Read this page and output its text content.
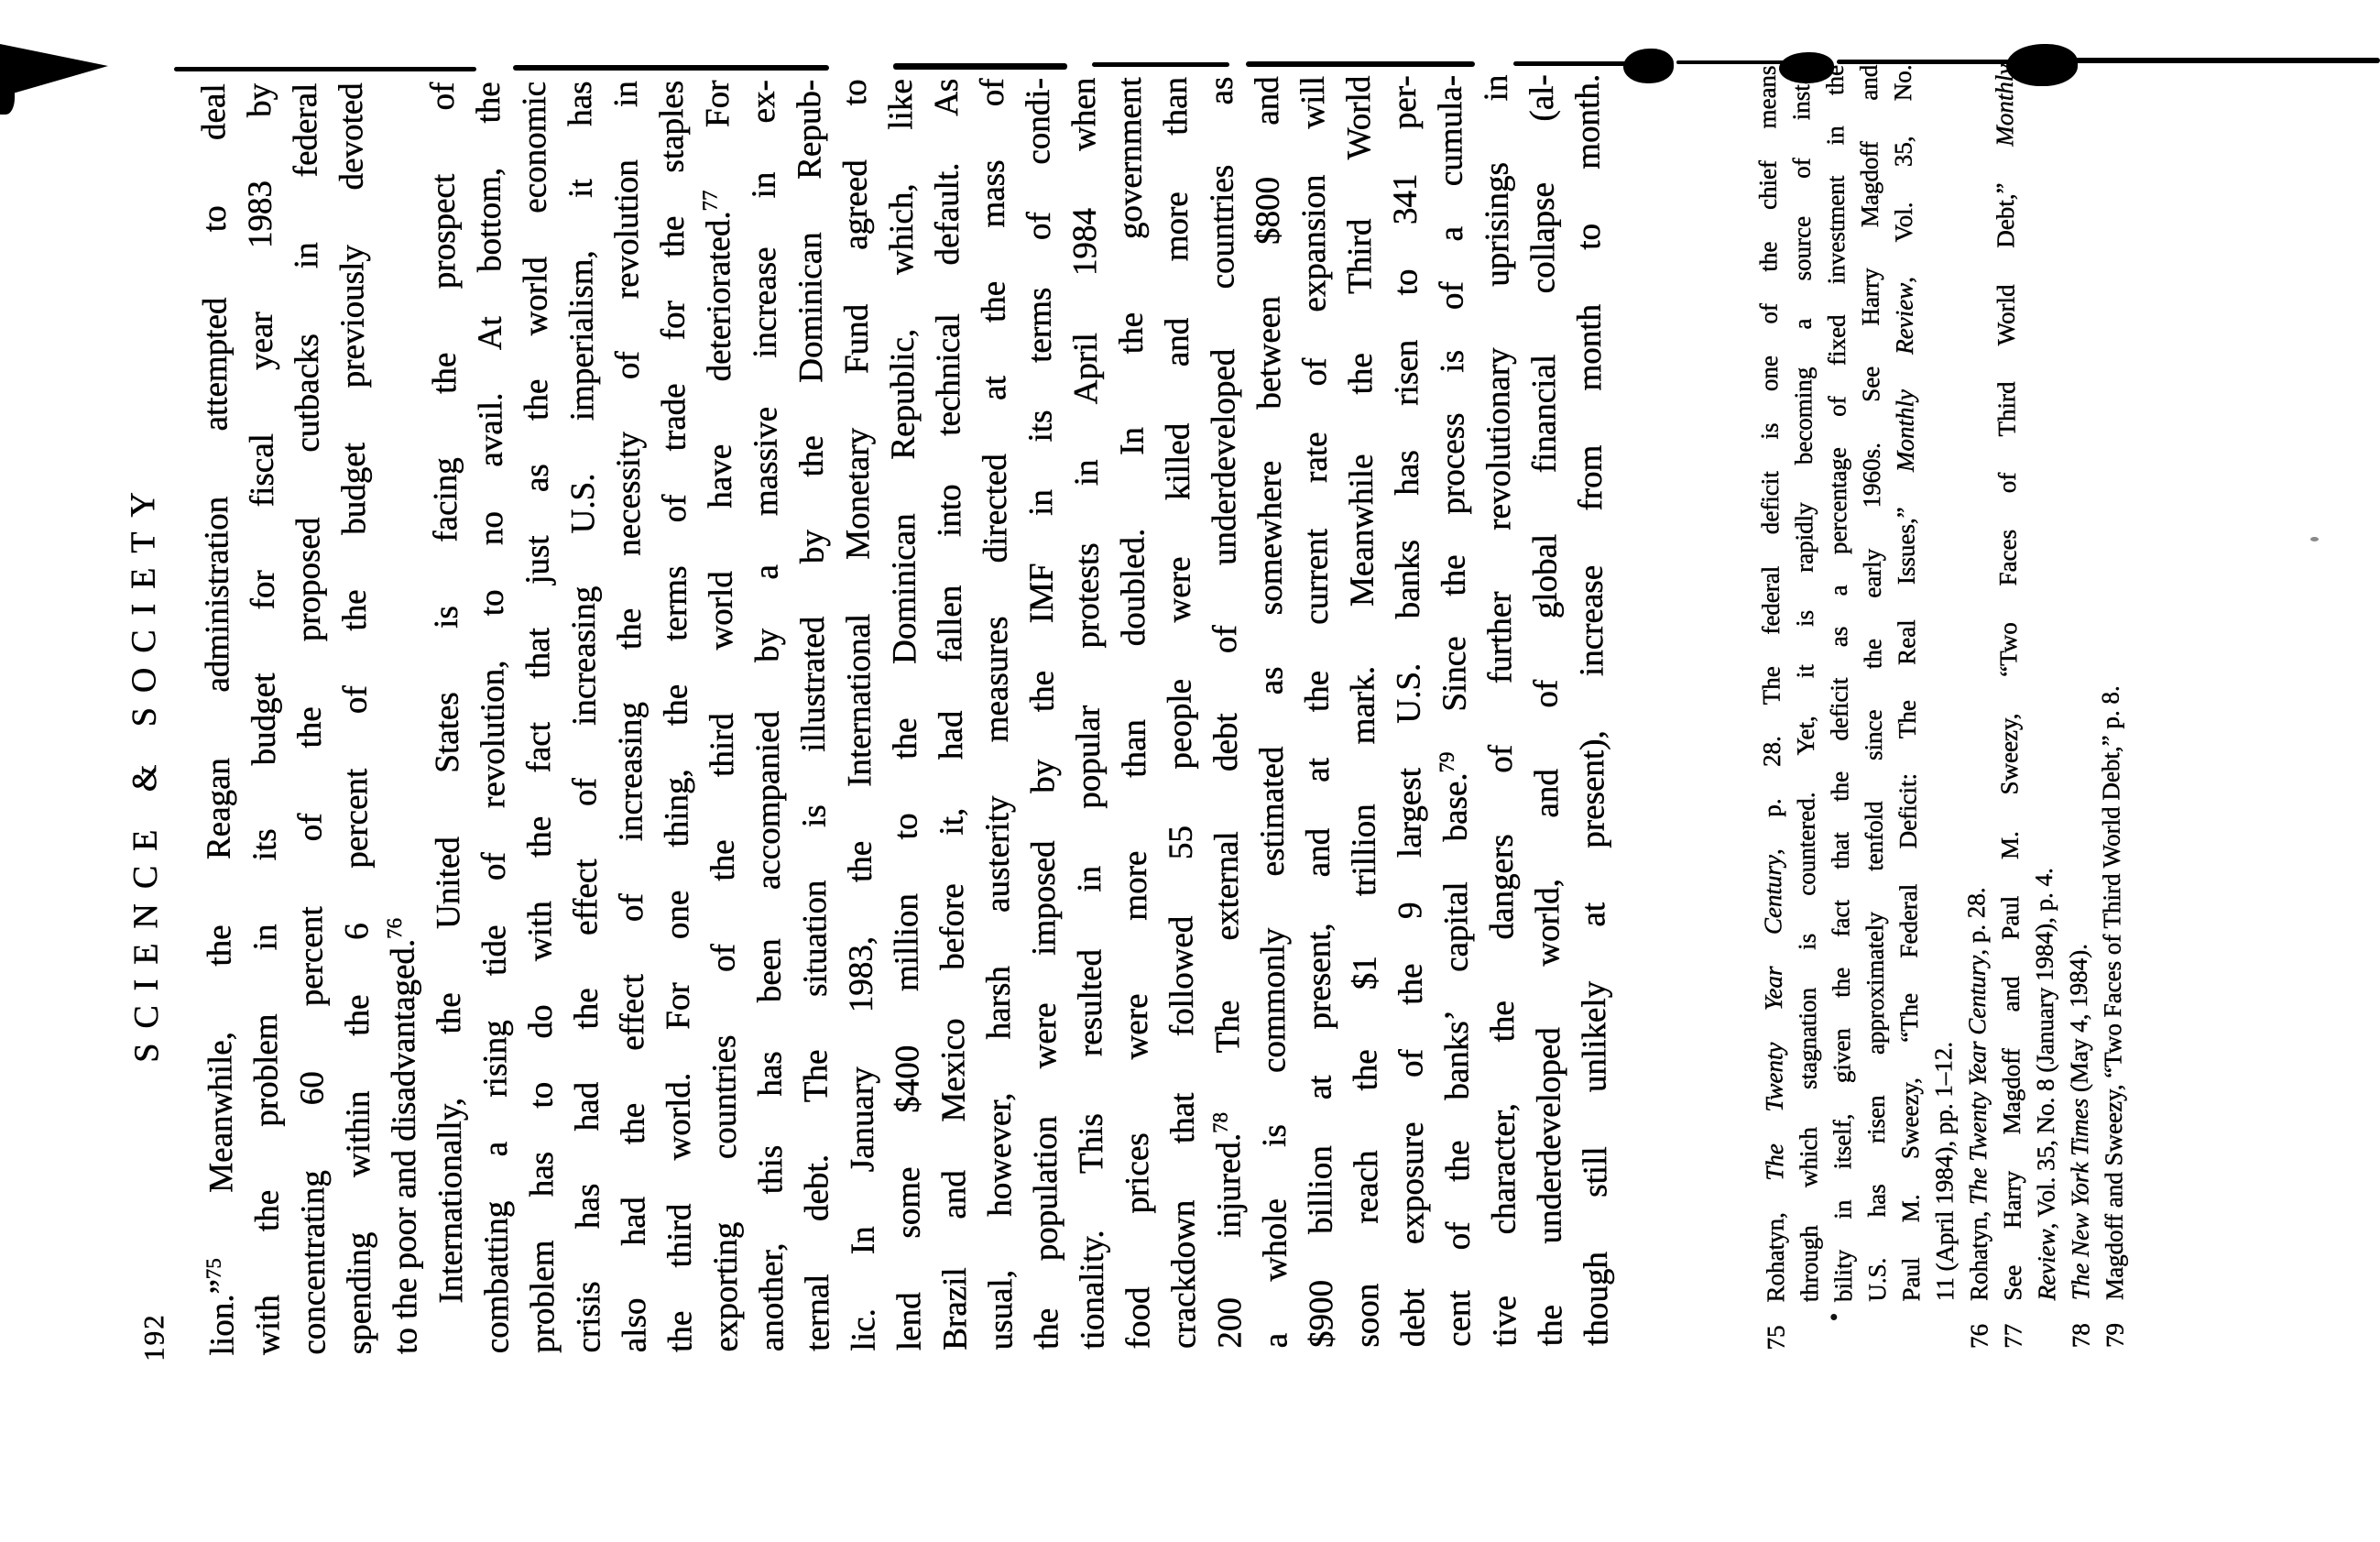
192
SCIENCE & SOCIETY
lion.”$^{75}$ Meanwhile, the Reagan administration attempted to deal with the problem in its budget for fiscal year 1983 by concentrating 60 percent of the proposed cutbacks in federal spending within the 6 percent of the budget previously devoted to the poor and disadvantaged.$^{76}$ Internationally, the United States is facing the prospect of combatting a rising tide of revolution, to no avail. At bottom, the problem has to do with the fact that just as the world economic crisis has had the effect of increasing U.S. imperialism, it has also had the effect of increasing the necessity of revolution in the third world. For one thing, the terms of trade for the staples exporting countries of the third world have deteriorated.$^{77}$ For another, this has been accompanied by a massive increase in ex- ternal debt. The situation is illustrated by the Dominican Repub- lic. In January 1983, the International Monetary Fund agreed to lend some $400 million to the Dominican Republic, which, like Brazil and Mexico before it, had fallen into technical default. As usual, however, harsh austerity measures directed at the mass of the population were imposed by the IMF in its terms of condi- tionality. This resulted in popular protests in April 1984 when food prices were more than doubled. In the government crackdown that followed 55 people were killed and more than 200 injured.$^{78}$ The external debt of underdeveloped countries as a whole is commonly estimated as somewhere between $800 and $900 billion at present, and at the current rate of expansion will soon reach the $1 trillion mark. Meanwhile the Third World debt exposure of the 9 largest U.S. banks has risen to 341 per- cent of the banks’ capital base.$^{79}$ Since the process is of a cumula- tive character, the dangers of further revolutionary uprisings in the underdeveloped world, and of global financial collapse (al- though still unlikely at present), increase from month to month.	75Rohatyn, The Twenty Year Century, p. 28. The federal deficit is one of the chief means through which stagnation is countered. Yet, it is rapidly becoming a source of insta-
bility in itself, given the fact that the deficit as a percentage of fixed investment in the
U.S. has risen approximately tenfold since the early 1960s. See Harry Magdoff and Paul M. Sweezy, “The Federal Deficit: The Real Issues,” Monthly Review, Vol. 35, No.
11 (April 1984), pp. 1–12.
76Rohatyn, The Twenty Year Century, p. 28.
77See Harry Magdoff and Paul M. Sweezy, “Two Faces of Third World Debt,” Monthly
Review, Vol. 35, No. 8 (January 1984), p. 4.
78The New York Times (May 4, 1984).
79Magdoff and Sweezy, “Two Faces of Third World Debt,” p. 8.
